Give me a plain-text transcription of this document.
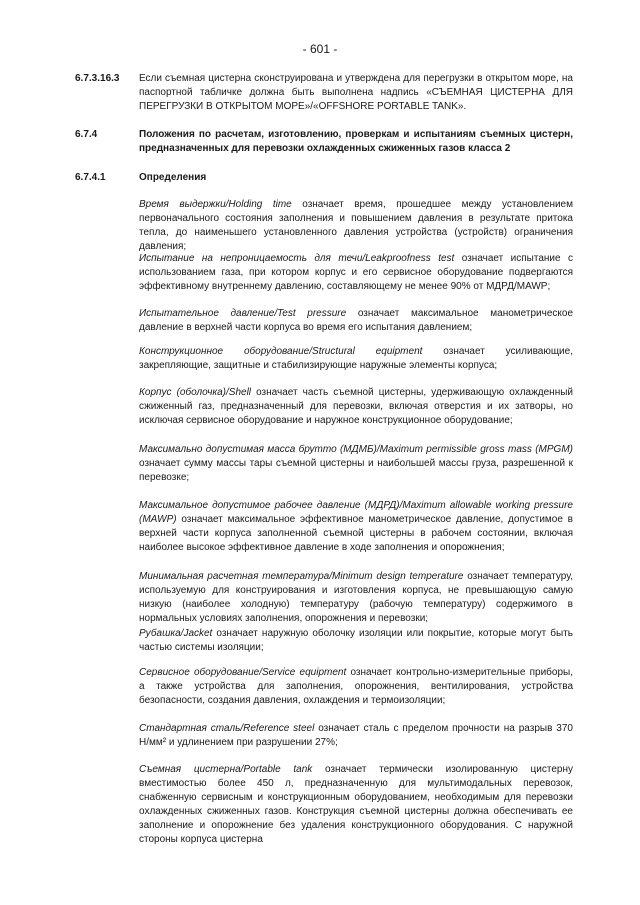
- 601 -
6.7.3.16.3 Если съемная цистерна сконструирована и утверждена для перегрузки в открытом море, на паспортной табличке должна быть выполнена надпись «СЪЕМНАЯ ЦИСТЕРНА ДЛЯ ПЕРЕГРУЗКИ В ОТКРЫТОМ МОРЕ»/«OFFSHORE PORTABLE TANK».
6.7.4	Положения по расчетам, изготовлению, проверкам и испытаниям съемных цистерн, предназначенных для перевозки охлажденных сжиженных газов класса 2
6.7.4.1	Определения

Время выдержки/Holding time означает время, прошедшее между установлением первоначального состояния заполнения и повышением давления в результате притока тепла, до наименьшего установленного давления устройства (устройств) ограничения давления;

Испытание на непроницаемость для течи/Leakproofness test означает испытание с использованием газа, при котором корпус и его сервисное оборудование подвергаются эффективному внутреннему давлению, составляющему не менее 90% от МДРД/MAWP;

Испытательное давление/Test pressure означает максимальное манометрическое давление в верхней части корпуса во время его испытания давлением;

Конструкционное оборудование/Structural equipment означает усиливающие, закрепляющие, защитные и стабилизирующие наружные элементы корпуса;

Корпус (оболочка)/Shell означает часть съемной цистерны, удерживающую охлажденный сжиженный газ, предназначенный для перевозки, включая отверстия и их затворы, но исключая сервисное оборудование и наружное конструкционное оборудование;

Максимально допустимая масса брутто (МДМБ)/Maximum permissible gross mass (MPGM) означает сумму массы тары съемной цистерны и наибольшей массы груза, разрешенной к перевозке;

Максимальное допустимое рабочее давление (МДРД)/Maximum allowable working pressure (MAWP) означает максимальное эффективное манометрическое давление, допустимое в верхней части корпуса заполненной съемной цистерны в рабочем состоянии, включая наиболее высокое эффективное давление в ходе заполнения и опорожнения;

Минимальная расчетная температура/Minimum design temperature означает температуру, используемую для конструирования и изготовления корпуса, не превышающую самую низкую (наиболее холодную) температуру (рабочую температуру) содержимого в нормальных условиях заполнения, опорожнения и перевозки;

Рубашка/Jacket означает наружную оболочку изоляции или покрытие, которые могут быть частью системы изоляции;

Сервисное оборудование/Service equipment означает контрольно-измерительные приборы, а также устройства для заполнения, опорожнения, вентилирования, устройства безопасности, создания давления, охлаждения и термоизоляции;

Стандартная сталь/Reference steel означает сталь с пределом прочности на разрыв 370 Н/мм² и удлинением при разрушении 27%;

Съемная цистерна/Portable tank означает термически изолированную цистерну вместимостью более 450 л, предназначенную для мультимодальных перевозок, снабженную сервисным и конструкционным оборудованием, необходимым для перевозки охлажденных сжиженных газов. Конструкция съемной цистерны должна обеспечивать ее заполнение и опорожнение без удаления конструкционного оборудования. С наружной стороны корпуса цистерна
